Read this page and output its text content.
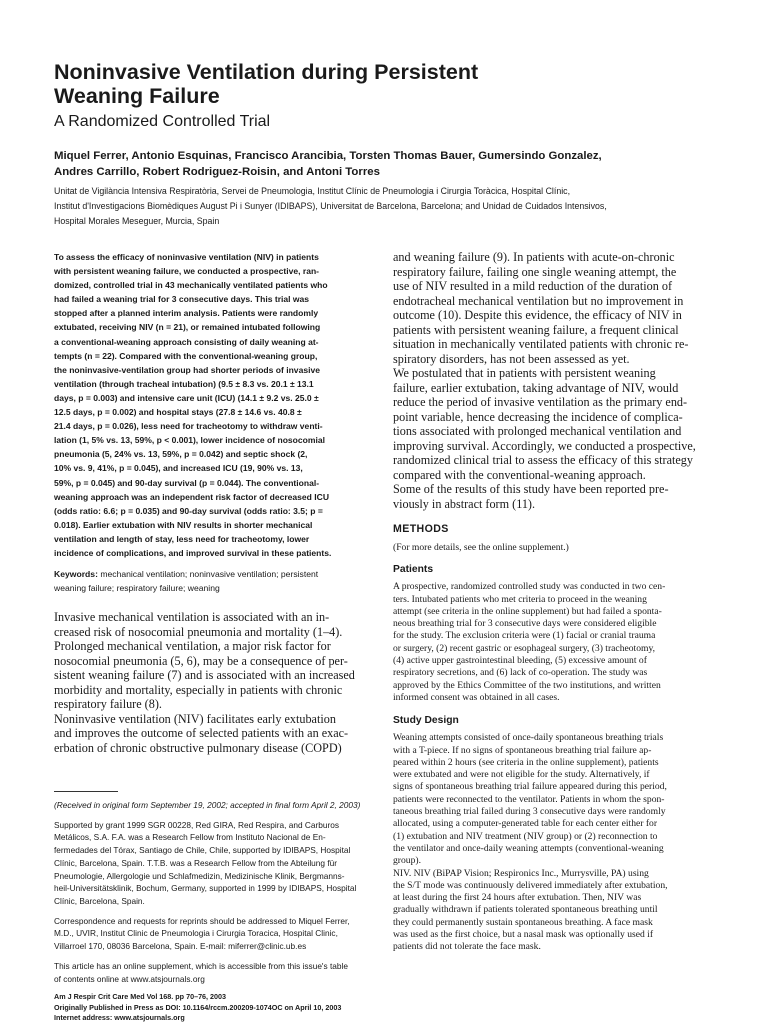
Noninvasive Ventilation during Persistent
Weaning Failure
A Randomized Controlled Trial
Miquel Ferrer, Antonio Esquinas, Francisco Arancibia, Torsten Thomas Bauer, Gumersindo Gonzalez,
Andres Carrillo, Robert Rodriguez-Roisin, and Antoni Torres
Unitat de Vigilància Intensiva Respiratòria, Servei de Pneumologia, Institut Clínic de Pneumologia i Cirurgia Toràcica, Hospital Clínic,
Institut d'Investigacions Biomèdiques August Pi i Sunyer (IDIBAPS), Universitat de Barcelona, Barcelona; and Unidad de Cuidados Intensivos,
Hospital Morales Meseguer, Murcia, Spain
To assess the efficacy of noninvasive ventilation (NIV) in patients
with persistent weaning failure, we conducted a prospective, ran-
domized, controlled trial in 43 mechanically ventilated patients who
had failed a weaning trial for 3 consecutive days. This trial was
stopped after a planned interim analysis. Patients were randomly
extubated, receiving NIV (n = 21), or remained intubated following
a conventional-weaning approach consisting of daily weaning at-
tempts (n = 22). Compared with the conventional-weaning group,
the noninvasive-ventilation group had shorter periods of invasive
ventilation (through tracheal intubation) (9.5 ± 8.3 vs. 20.1 ± 13.1
days, p = 0.003) and intensive care unit (ICU) (14.1 ± 9.2 vs. 25.0 ±
12.5 days, p = 0.002) and hospital stays (27.8 ± 14.6 vs. 40.8 ±
21.4 days, p = 0.026), less need for tracheotomy to withdraw venti-
lation (1, 5% vs. 13, 59%, p < 0.001), lower incidence of nosocomial
pneumonia (5, 24% vs. 13, 59%, p = 0.042) and septic shock (2,
10% vs. 9, 41%, p = 0.045), and increased ICU (19, 90% vs. 13,
59%, p = 0.045) and 90-day survival (p = 0.044). The conventional-
weaning approach was an independent risk factor of decreased ICU
(odds ratio: 6.6; p = 0.035) and 90-day survival (odds ratio: 3.5; p =
0.018). Earlier extubation with NIV results in shorter mechanical
ventilation and length of stay, less need for tracheotomy, lower
incidence of complications, and improved survival in these patients.
Keywords: mechanical ventilation; noninvasive ventilation; persistent
weaning failure; respiratory failure; weaning
Invasive mechanical ventilation is associated with an in-
creased risk of nosocomial pneumonia and mortality (1–4).
Prolonged mechanical ventilation, a major risk factor for
nosocomial pneumonia (5, 6), may be a consequence of per-
sistent weaning failure (7) and is associated with an increased
morbidity and mortality, especially in patients with chronic
respiratory failure (8).
Noninvasive ventilation (NIV) facilitates early extubation
and improves the outcome of selected patients with an exac-
erbation of chronic obstructive pulmonary disease (COPD)
(Received in original form September 19, 2002; accepted in final form April 2, 2003)
Supported by grant 1999 SGR 00228, Red GIRA, Red Respira, and Carburos
Metálicos, S.A. F.A. was a Research Fellow from Instituto Nacional de En-
fermedades del Tórax, Santiago de Chile, Chile, supported by IDIBAPS, Hospital
Clínic, Barcelona, Spain. T.T.B. was a Research Fellow from the Abteilung für
Pneumologie, Allergologie und Schlafmedizin, Medizinische Klinik, Bergmanns-
heil-Universitätsklinik, Bochum, Germany, supported in 1999 by IDIBAPS, Hospital
Clínic, Barcelona, Spain.
Correspondence and requests for reprints should be addressed to Miquel Ferrer,
M.D., UVIR, Institut Clinic de Pneumologia i Cirurgia Toracica, Hospital Clinic,
Villarroel 170, 08036 Barcelona, Spain. E-mail: miferrer@clinic.ub.es
This article has an online supplement, which is accessible from this issue's table
of contents online at www.atsjournals.org
Am J Respir Crit Care Med Vol 168. pp 70–76, 2003
Originally Published in Press as DOI: 10.1164/rccm.200209-1074OC on April 10, 2003
Internet address: www.atsjournals.org
and weaning failure (9). In patients with acute-on-chronic
respiratory failure, failing one single weaning attempt, the
use of NIV resulted in a mild reduction of the duration of
endotracheal mechanical ventilation but no improvement in
outcome (10). Despite this evidence, the efficacy of NIV in
patients with persistent weaning failure, a frequent clinical
situation in mechanically ventilated patients with chronic re-
spiratory disorders, has not been assessed as yet.
We postulated that in patients with persistent weaning
failure, earlier extubation, taking advantage of NIV, would
reduce the period of invasive ventilation as the primary end-
point variable, hence decreasing the incidence of complica-
tions associated with prolonged mechanical ventilation and
improving survival. Accordingly, we conducted a prospective,
randomized clinical trial to assess the efficacy of this strategy
compared with the conventional-weaning approach.
Some of the results of this study have been reported pre-
viously in abstract form (11).
METHODS
(For more details, see the online supplement.)
Patients
A prospective, randomized controlled study was conducted in two cen-
ters. Intubated patients who met criteria to proceed in the weaning
attempt (see criteria in the online supplement) but had failed a sponta-
neous breathing trial for 3 consecutive days were considered eligible
for the study. The exclusion criteria were (1) facial or cranial trauma
or surgery, (2) recent gastric or esophageal surgery, (3) tracheotomy,
(4) active upper gastrointestinal bleeding, (5) excessive amount of
respiratory secretions, and (6) lack of co-operation. The study was
approved by the Ethics Committee of the two institutions, and written
informed consent was obtained in all cases.
Study Design
Weaning attempts consisted of once-daily spontaneous breathing trials
with a T-piece. If no signs of spontaneous breathing trial failure ap-
peared within 2 hours (see criteria in the online supplement), patients
were extubated and were not eligible for the study. Alternatively, if
signs of spontaneous breathing trial failure appeared during this period,
patients were reconnected to the ventilator. Patients in whom the spon-
taneous breathing trial failed during 3 consecutive days were randomly
allocated, using a computer-generated table for each center either for
(1) extubation and NIV treatment (NIV group) or (2) reconnection to
the ventilator and once-daily weaning attempts (conventional-weaning
group).
NIV. NIV (BiPAP Vision; Respironics Inc., Murrysville, PA) using
the S/T mode was continuously delivered immediately after extubation,
at least during the first 24 hours after extubation. Then, NIV was
gradually withdrawn if patients tolerated spontaneous breathing until
they could permanently sustain spontaneous breathing. A face mask
was used as the first choice, but a nasal mask was optionally used if
patients did not tolerate the face mask.
